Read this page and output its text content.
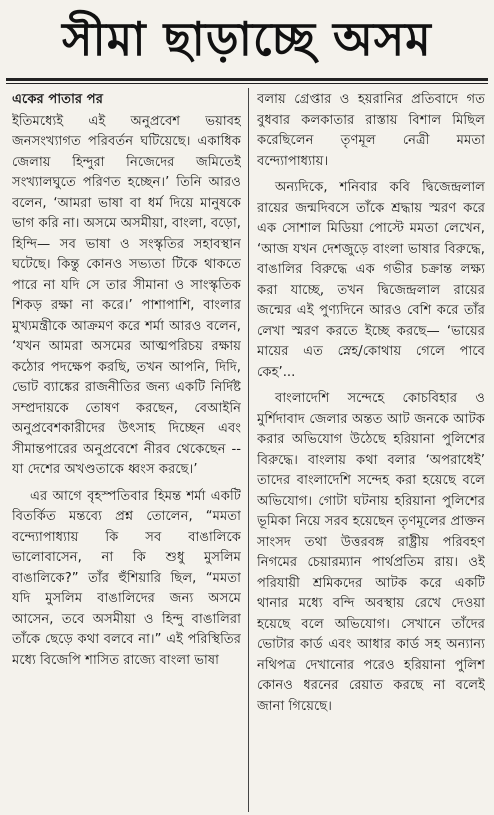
সীমা ছাড়াচ্ছে অসম

একের পাতার পর

ইতিমধ্যেই এই অনুপ্রবেশ ভয়াবহ জনসংখ্যাগত পরিবর্তন ঘটিয়েছে। একাধিক জেলায় হিন্দুরা নিজেদের জমিতেই সংখ্যালঘুতে পরিণত হচ্ছেন।’ তিনি আরও বলেন, ‘আমরা ভাষা বা ধর্ম দিয়ে মানুষকে ভাগ করি না। অসমে অসমীয়া, বাংলা, বড়ো, হিন্দি— সব ভাষা ও সংস্কৃতির সহাবস্থান ঘটেছে। কিন্তু কোনও সভ্যতা টিকে থাকতে পারে না যদি সে তার সীমানা ও সাংস্কৃতিক শিকড় রক্ষা না করে।’ পাশাপাশি, বাংলার মুখ্যমন্ত্রীকে আক্রমণ করে শর্মা আরও বলেন, ‘যখন আমরা অসমের আত্মপরিচয় রক্ষায় কঠোর পদক্ষেপ করছি, তখন আপনি, দিদি, ভোট ব্যাঙ্কের রাজনীতির জন্য একটি নির্দিষ্ট সম্প্রদায়কে তোষণ করছেন, বেআইনি অনুপ্রবেশকারীদের উৎসাহ দিচ্ছেন এবং সীমান্তপারের অনুপ্রবেশে নীরব থেকেছেন -- যা দেশের অখণ্ডতাকে ধ্বংস করছে।’

এর আগে বৃহস্পতিবার হিমন্ত শর্মা একটি বিতর্কিত মন্তব্যে প্রশ্ন তোলেন, “মমতা বন্দ্যোপাধ্যায় কি সব বাঙালিকে ভালোবাসেন, না কি শুধু মুসলিম বাঙালিকে?” তাঁর হুঁশিয়ারি ছিল, “মমতা যদি মুসলিম বাঙালিদের জন্য অসমে আসেন, তবে অসমীয়া ও হিন্দু বাঙালিরা তাঁকে ছেড়ে কথা বলবে না।” এই পরিস্থিতির মধ্যে বিজেপি শাসিত রাজ্যে বাংলা ভাষা

বলায় গ্রেপ্তার ও হয়রানির প্রতিবাদে গত বুধবার কলকাতার রাস্তায় বিশাল মিছিল করেছিলেন তৃণমূল নেত্রী মমতা বন্দ্যোপাধ্যায়।

অন্যদিকে, শনিবার কবি দ্বিজেন্দ্রলাল রায়ের জন্মদিবসে তাঁকে শ্রদ্ধায় স্মরণ করে এক সোশাল মিডিয়া পোস্টে মমতা লেখেন, ‘আজ যখন দেশজুড়ে বাংলা ভাষার বিরুদ্ধে, বাঙালির বিরুদ্ধে এক গভীর চক্রান্ত লক্ষ্য করা যাচ্ছে, তখন দ্বিজেন্দ্রলাল রায়ের জন্মের এই পুণ্যদিনে আরও বেশি করে তাঁর লেখা স্মরণ করতে ইচ্ছে করছে— ‘ভায়ের মায়ের এত স্নেহ/কোথায় গেলে পাবে কেহ’...

বাংলাদেশি সন্দেহে কোচবিহার ও মুর্শিদাবাদ জেলার অন্তত আট জনকে আটক করার অভিযোগ উঠেছে হরিয়ানা পুলিশের বিরুদ্ধে। বাংলায় কথা বলার ‘অপরাধেই’ তাদের বাংলাদেশি সন্দেহ করা হয়েছে বলে অভিযোগ। গোটা ঘটনায় হরিয়ানা পুলিশের ভূমিকা নিয়ে সরব হয়েছেন তৃণমূলের প্রাক্তন সাংসদ তথা উত্তরবঙ্গ রাষ্ট্রীয় পরিবহণ নিগমের চেয়ারম্যান পার্থপ্রতিম রায়। ওই পরিযায়ী শ্রমিকদের আটক করে একটি থানার মধ্যে বন্দি অবস্থায় রেখে দেওয়া হয়েছে বলে অভিযোগ। সেখানে তাঁদের ভোটার কার্ড এবং আধার কার্ড সহ অন্যান্য নথিপত্র দেখানোর পরেও হরিয়ানা পুলিশ কোনও ধরনের রেয়াত করছে না বলেই জানা গিয়েছে।
